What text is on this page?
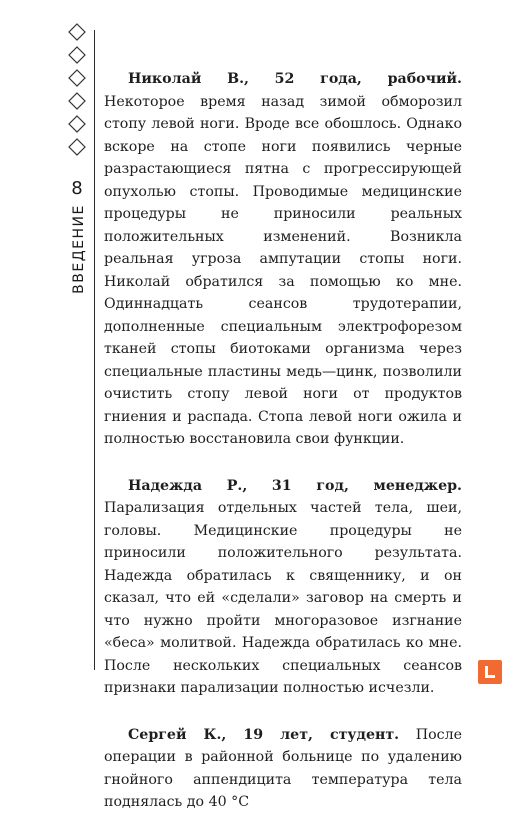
8
ВВЕДЕНИЕ

Николай В., 52 года, рабочий. Некоторое время назад зимой обморозил стопу левой ноги. Вроде все обошлось. Однако вскоре на стопе ноги появились черные разрастающиеся пятна с прогрессирующей опухолью стопы. Проводимые медицинские процедуры не приносили реальных положительных изменений. Возникла реальная угроза ампутации стопы ноги. Николай обратился за помощью ко мне. Одиннадцать сеансов трудотерапии, дополненные специальным электрофорезом тканей стопы биотоками организма через специальные пластины медь—цинк, позволили очистить стопу левой ноги от продуктов гниения и распада. Стопа левой ноги ожила и полностью восстановила свои функции.

Надежда Р., 31 год, менеджер. Парализация отдельных частей тела, шеи, головы. Медицинские процедуры не приносили положительного результата. Надежда обратилась к священнику, и он сказал, что ей «сделали» заговор на смерть и что нужно пройти многоразовое изгнание «беса» молитвой. Надежда обратилась ко мне. После нескольких специальных сеансов признаки парализации полностью исчезли.

Сергей К., 19 лет, студент. После операции в районной больнице по удалению гнойного аппендицита температура тела поднялась до 40 °С
